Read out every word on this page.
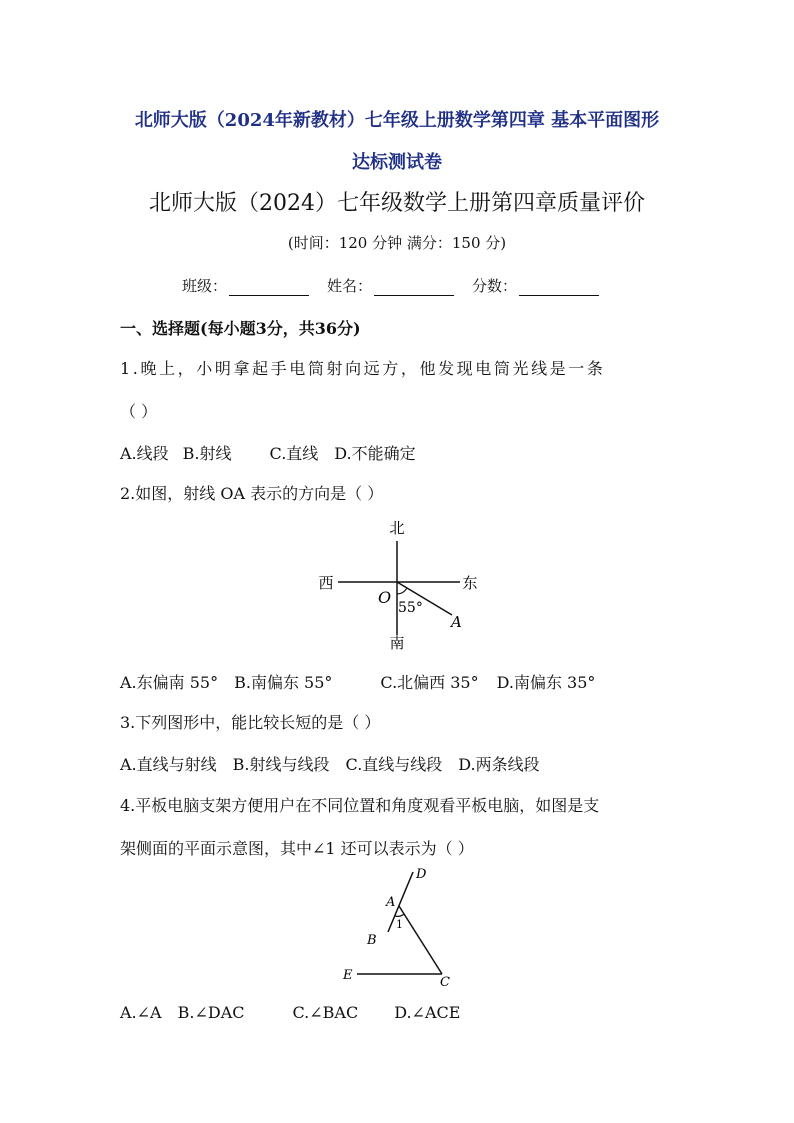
北师大版（2024年新教材）七年级上册数学第四章 基本平面图形
达标测试卷
北师大版（2024）七年级数学上册第四章质量评价
(时间：120 分钟 满分：150 分)
班级：	姓名：	分数：
一、选择题(每小题3分，共36分)
1.晚上，小明拿起手电筒射向远方，他发现电筒光线是一条
（ ）
A.线段 B.射线 C.直线 D.不能确定
2.如图，射线 OA 表示的方向是（ ）
北
南
西	东
O
55°
A
A.东偏南 55° B.南偏东 55°	C.北偏西 35° D.南偏东 35°
3.下列图形中，能比较长短的是（ ）
A.直线与射线 B.射线与线段 C.直线与线段 D.两条线段
4.平板电脑支架方便用户在不同位置和角度观看平板电脑，如图是支
架侧面的平面示意图，其中∠1 还可以表示为（ ）
D
A
1
B
E	C
A.∠A B.∠DAC	C.∠BAC D.∠ACE
